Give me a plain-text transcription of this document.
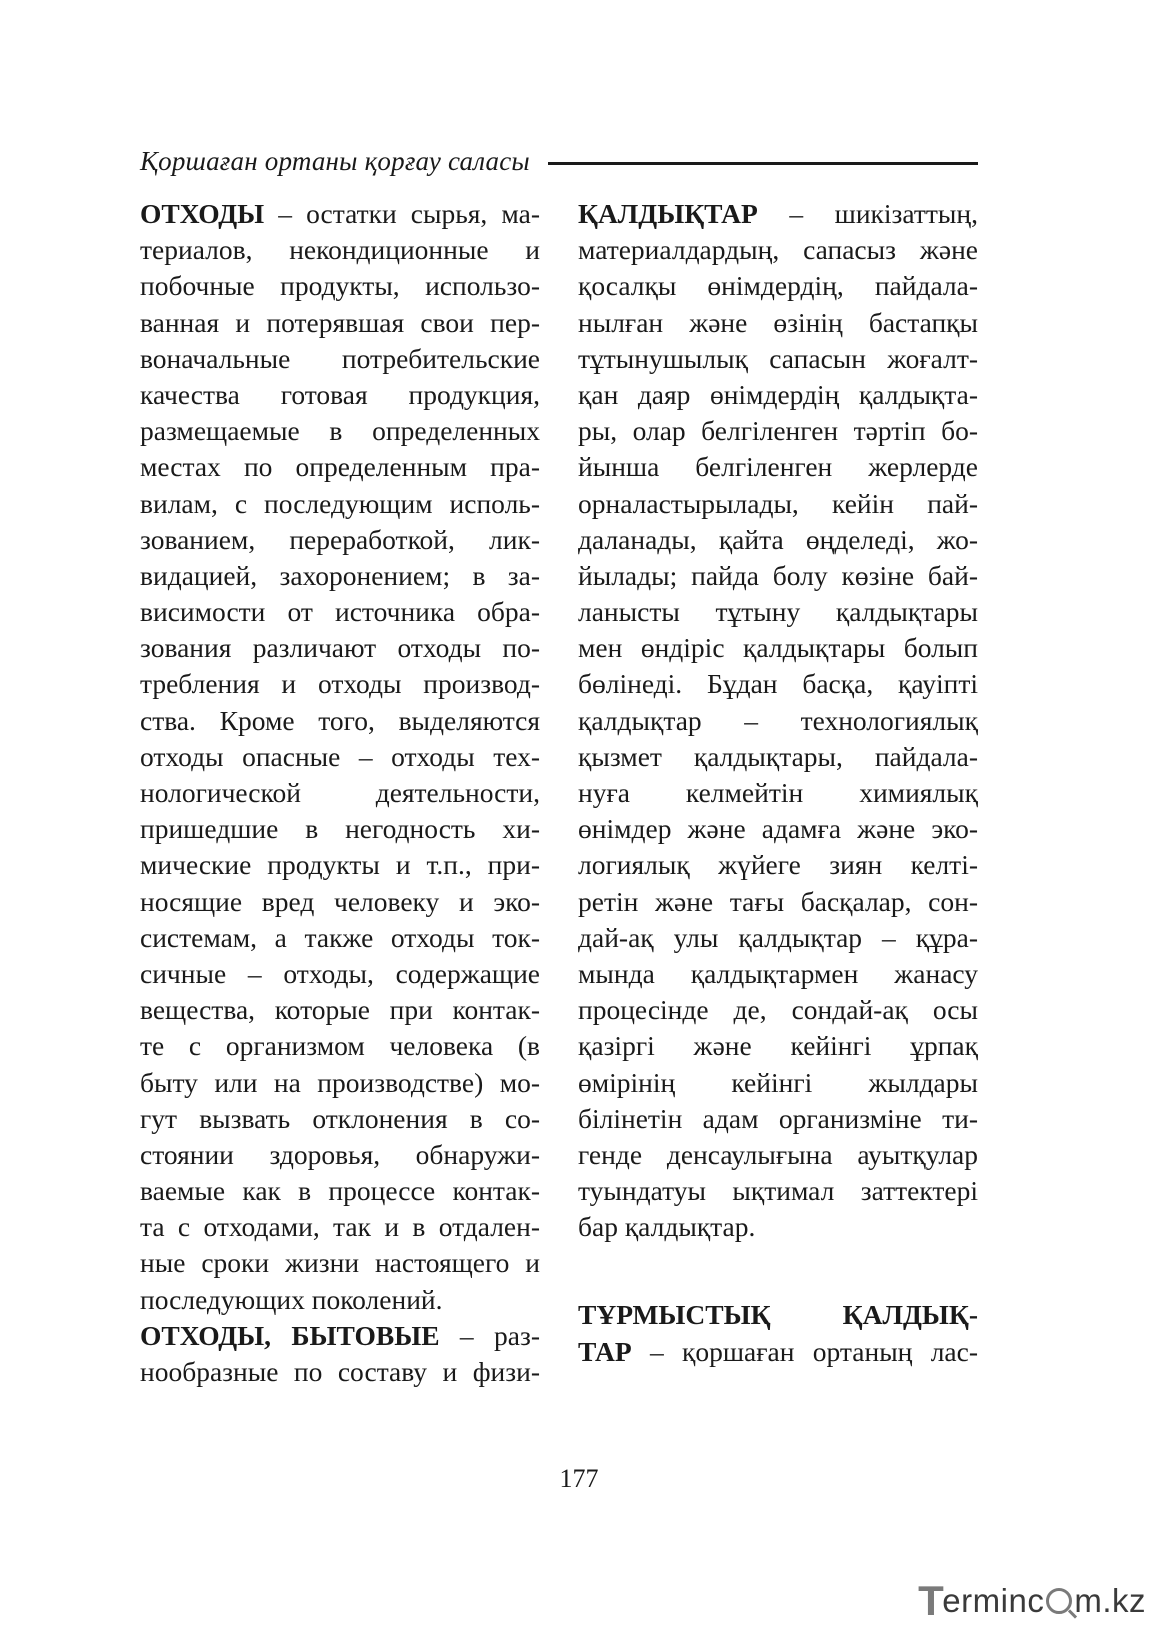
Қоршаған ортаны қорғау саласы
ОТХОДЫ – остатки сырья, ма-
териалов, некондиционные и
побочные продукты, использо-
ванная и потерявшая свои пер-
воначальные потребительские
качества готовая продукция,
размещаемые в определенных
местах по определенным пра-
вилам, с последующим исполь-
зованием, переработкой, лик-
видацией, захоронением; в за-
висимости от источника обра-
зования различают отходы по-
требления и отходы производ-
ства. Кроме того, выделяются
отходы опасные – отходы тех-
нологической деятельности,
пришедшие в негодность хи-
мические продукты и т.п., при-
носящие вред человеку и эко-
системам, а также отходы ток-
сичные – отходы, содержащие
вещества, которые при контак-
те с организмом человека (в
быту или на производстве) мо-
гут вызвать отклонения в со-
стоянии здоровья, обнаружи-
ваемые как в процессе контак-
та с отходами, так и в отдален-
ные сроки жизни настоящего и
последующих поколений.
ОТХОДЫ, БЫТОВЫЕ – раз-
нообразные по составу и физи-
ҚАЛДЫҚТАР – шикізаттың,
материалдардың, сапасыз және
қосалқы өнімдердің, пайдала-
нылған және өзінің бастапқы
тұтынушылық сапасын жоғалт-
қан даяр өнімдердің қалдықта-
ры, олар белгіленген тәртіп бо-
йынша белгіленген жерлерде
орналастырылады, кейін пай-
даланады, қайта өңделеді, жо-
йылады; пайда болу көзіне бай-
ланысты тұтыну қалдықтары
мен өндіріс қалдықтары болып
бөлінеді. Бұдан басқа, қауіпті
қалдықтар – технологиялық
қызмет қалдықтары, пайдала-
нуға келмейтін химиялық
өнімдер және адамға және эко-
логиялық жүйеге зиян келті-
ретін және тағы басқалар, сон-
дай-ақ улы қалдықтар – құра-
мында қалдықтармен жанасу
процесінде де, сондай-ақ осы
қазіргі және кейінгі ұрпақ
өмірінің кейінгі жылдары
білінетін адам организміне ти-
генде денсаулығына ауытқулар
туындатуы ықтимал заттектері
бар қалдықтар.
ТҰРМЫСТЫҚ ҚАЛДЫҚ-
ТАР – қоршаған ортаның лас-
177
T
erminc m.kz
